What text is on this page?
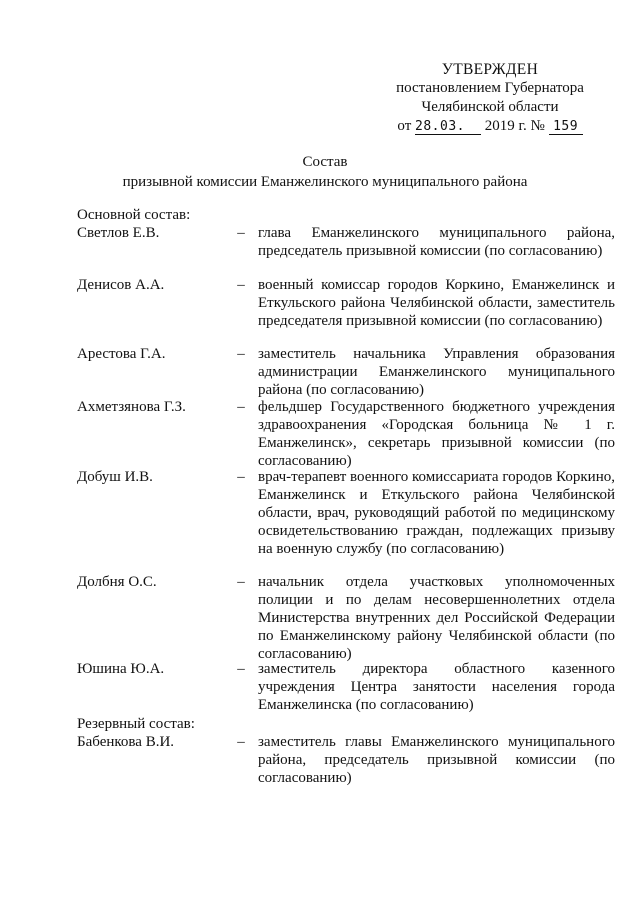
УТВЕРЖДЕН
постановлением Губернатора
Челябинской области
от 28.03. 2019 г. № 159
Состав
призывной комиссии Еманжелинского муниципального района
Основной состав:
Светлов Е.В.	– глава Еманжелинского муниципального района, председатель призывной комиссии (по согласованию)
Денисов А.А.	– военный комиссар городов Коркино, Еманжелинск и Еткульского района Челябинской области, заместитель председателя призывной комиссии (по согласованию)
Арестова Г.А.	– заместитель начальника Управления образования администрации Еманжелинского муниципального района (по согласованию)
Ахметзянова Г.З.	– фельдшер Государственного бюджетного учреждения здравоохранения «Городская больница № 1 г. Еманжелинск», секретарь призывной комиссии (по согласованию)
Добуш И.В.	– врач-терапевт военного комиссариата городов Коркино, Еманжелинск и Еткульского района Челябинской области, врач, руководящий работой по медицинскому освидетельствованию граждан, подлежащих призыву на военную службу (по согласованию)
Долбня О.С.	– начальник отдела участковых уполномоченных полиции и по делам несовершеннолетних отдела Министерства внутренних дел Российской Федерации по Еманжелинскому району Челябинской области (по согласованию)
Юшина Ю.А.	– заместитель директора областного казенного учреждения Центра занятости населения города Еманжелинска (по согласованию)
Резервный состав:
Бабенкова В.И.	– заместитель главы Еманжелинского муниципального района, председатель призывной комиссии (по согласованию)
